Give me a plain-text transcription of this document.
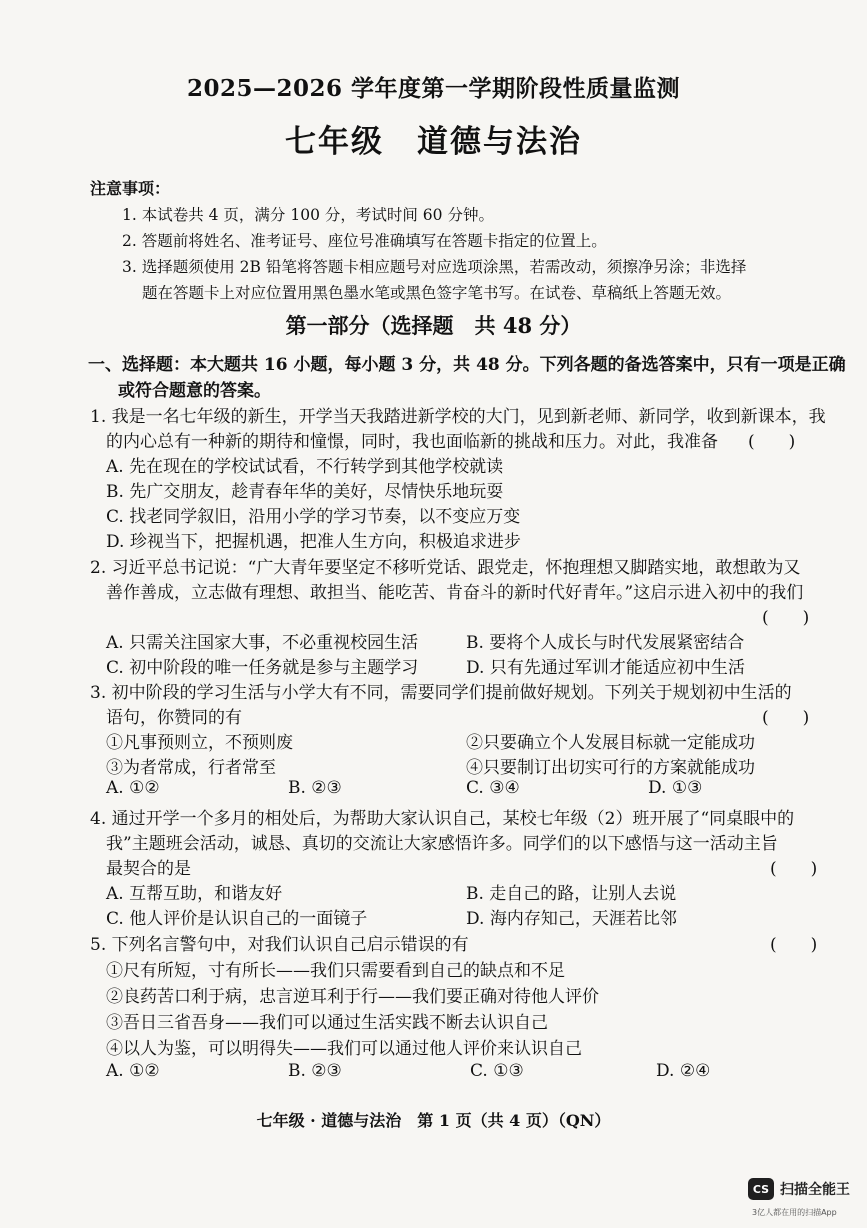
2025—2026 学年度第一学期阶段性质量监测
七年级　道德与法治
注意事项：
1. 本试卷共 4 页，满分 100 分，考试时间 60 分钟。
2. 答题前将姓名、准考证号、座位号准确填写在答题卡指定的位置上。
3. 选择题须使用 2B 铅笔将答题卡相应题号对应选项涂黑，若需改动，须擦净另涂；非选择
题在答题卡上对应位置用黑色墨水笔或黑色签字笔书写。在试卷、草稿纸上答题无效。
第一部分（选择题　共 48 分）
一、选择题：本大题共 16 小题，每小题 3 分，共 48 分。下列各题的备选答案中，只有一项是正确
或符合题意的答案。
1. 我是一名七年级的新生，开学当天我踏进新学校的大门，见到新老师、新同学，收到新课本，我
的内心总有一种新的期待和憧憬，同时，我也面临新的挑战和压力。对此，我准备 (　　)
A. 先在现在的学校试试看，不行转学到其他学校就读
B. 先广交朋友，趁青春年华的美好，尽情快乐地玩耍
C. 找老同学叙旧，沿用小学的学习节奏，以不变应万变
D. 珍视当下，把握机遇，把准人生方向，积极追求进步
2. 习近平总书记说：“广大青年要坚定不移听党话、跟党走，怀抱理想又脚踏实地，敢想敢为又
善作善成，立志做有理想、敢担当、能吃苦、肯奋斗的新时代好青年。”这启示进入初中的我们
(　　)
A. 只需关注国家大事，不必重视校园生活	B. 要将个人成长与时代发展紧密结合
C. 初中阶段的唯一任务就是参与主题学习	D. 只有先通过军训才能适应初中生活
3. 初中阶段的学习生活与小学大有不同，需要同学们提前做好规划。下列关于规划初中生活的
语句，你赞同的有	(　　)
①凡事预则立，不预则废	②只要确立个人发展目标就一定能成功
③为者常成，行者常至	④只要制订出切实可行的方案就能成功
A. ①②	B. ②③	C. ③④	D. ①③
4. 通过开学一个多月的相处后，为帮助大家认识自己，某校七年级（2）班开展了“同桌眼中的
我”主题班会活动，诚恳、真切的交流让大家感悟许多。同学们的以下感悟与这一活动主旨
最契合的是	(　　)
A. 互帮互助，和谐友好	B. 走自己的路，让别人去说
C. 他人评价是认识自己的一面镜子	D. 海内存知己，天涯若比邻
5. 下列名言警句中，对我们认识自己启示错误的有	(　　)
①尺有所短，寸有所长——我们只需要看到自己的缺点和不足
②良药苦口利于病，忠言逆耳利于行——我们要正确对待他人评价
③吾日三省吾身——我们可以通过生活实践不断去认识自己
④以人为鉴，可以明得失——我们可以通过他人评价来认识自己
A. ①②	B. ②③	C. ①③	D. ②④
七年级 · 道德与法治　第 1 页（共 4 页）（QN）
CS 扫描全能王
3亿人都在用的扫描App
